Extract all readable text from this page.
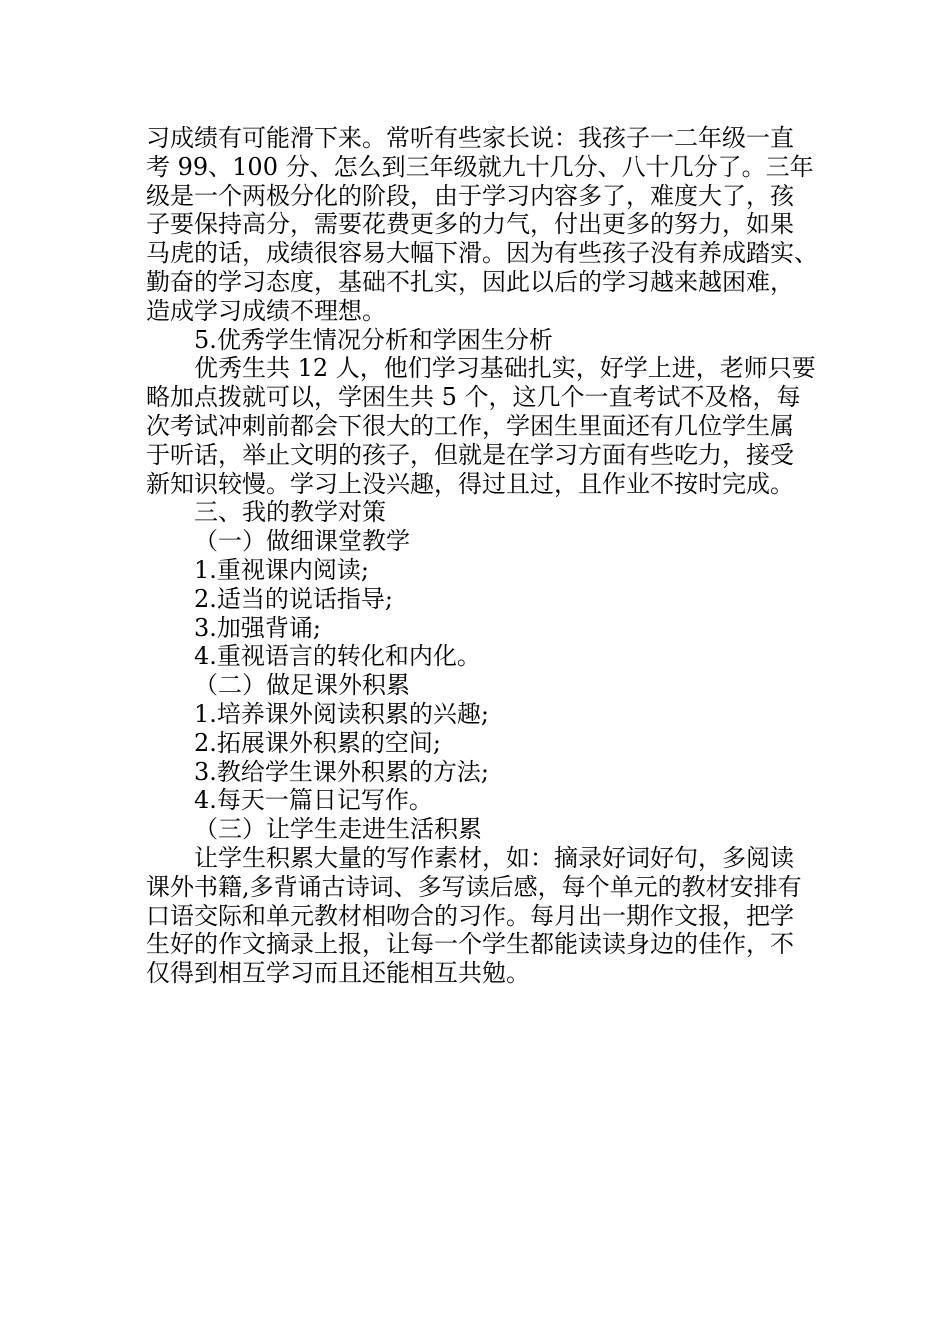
习成绩有可能滑下来。常听有些家长说：我孩子一二年级一直
考 99、100 分、怎么到三年级就九十几分、八十几分了。三年
级是一个两极分化的阶段，由于学习内容多了，难度大了，孩
子要保持高分，需要花费更多的力气，付出更多的努力，如果
马虎的话，成绩很容易大幅下滑。因为有些孩子没有养成踏实、
勤奋的学习态度，基础不扎实，因此以后的学习越来越困难，
造成学习成绩不理想。
5.优秀学生情况分析和学困生分析
优秀生共 12 人，他们学习基础扎实，好学上进，老师只要
略加点拨就可以，学困生共 5 个，这几个一直考试不及格，每
次考试冲刺前都会下很大的工作，学困生里面还有几位学生属
于听话，举止文明的孩子，但就是在学习方面有些吃力，接受
新知识较慢。学习上没兴趣，得过且过，且作业不按时完成。
三、我的教学对策
（一）做细课堂教学
1.重视课内阅读;
2.适当的说话指导;
3.加强背诵;
4.重视语言的转化和内化。
（二）做足课外积累
1.培养课外阅读积累的兴趣;
2.拓展课外积累的空间;
3.教给学生课外积累的方法;
4.每天一篇日记写作。
（三）让学生走进生活积累
让学生积累大量的写作素材，如：摘录好词好句，多阅读
课外书籍,多背诵古诗词、多写读后感，每个单元的教材安排有
口语交际和单元教材相吻合的习作。每月出一期作文报，把学
生好的作文摘录上报，让每一个学生都能读读身边的佳作，不
仅得到相互学习而且还能相互共勉。
